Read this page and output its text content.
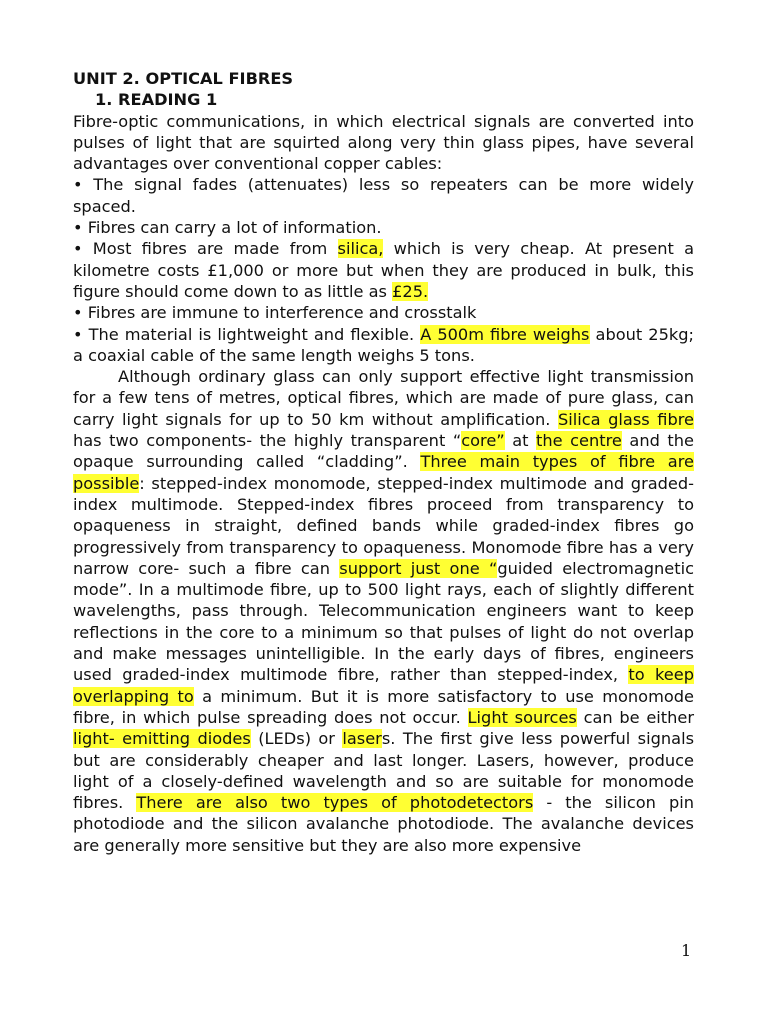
UNIT 2. OPTICAL FIBRES

1. READING 1

Fibre-optic communications, in which electrical signals are converted into pulses of light that are squirted along very thin glass pipes, have several advantages over conventional copper cables:

• The signal fades (attenuates) less so repeaters can be more widely spaced.

• Fibres can carry a lot of information.

• Most fibres are made from silica, which is very cheap. At present a kilometre costs £1,000 or more but when they are produced in bulk, this figure should come down to as little as £25.

• Fibres are immune to interference and crosstalk

• The material is lightweight and flexible. A 500m fibre weighs about 25kg; a coaxial cable of the same length weighs 5 tons.

Although ordinary glass can only support effective light transmission for a few tens of metres, optical fibres, which are made of pure glass, can carry light signals for up to 50 km without amplification. Silica glass fibre has two components- the highly transparent “core” at the centre and the opaque surrounding called “cladding”. Three main types of fibre are possible: stepped-index monomode, stepped-index multimode and graded-index multimode. Stepped-index fibres proceed from transparency to opaqueness in straight, defined bands while graded-index fibres go progressively from transparency to opaqueness. Monomode fibre has a very narrow core- such a fibre can support just one “guided electromagnetic mode”. In a multimode fibre, up to 500 light rays, each of slightly different wavelengths, pass through. Telecommunication engineers want to keep reflections in the core to a minimum so that pulses of light do not overlap and make messages unintelligible. In the early days of fibres, engineers used graded-index multimode fibre, rather than stepped-index, to keep overlapping to a minimum. But it is more satisfactory to use monomode fibre, in which pulse spreading does not occur. Light sources can be either light- emitting diodes (LEDs) or lasers. The first give less powerful signals but are considerably cheaper and last longer. Lasers, however, produce light of a closely-defined wavelength and so are suitable for monomode fibres. There are also two types of photodetectors - the silicon pin photodiode and the silicon avalanche photodiode. The avalanche devices are generally more sensitive but they are also more expensive

1
